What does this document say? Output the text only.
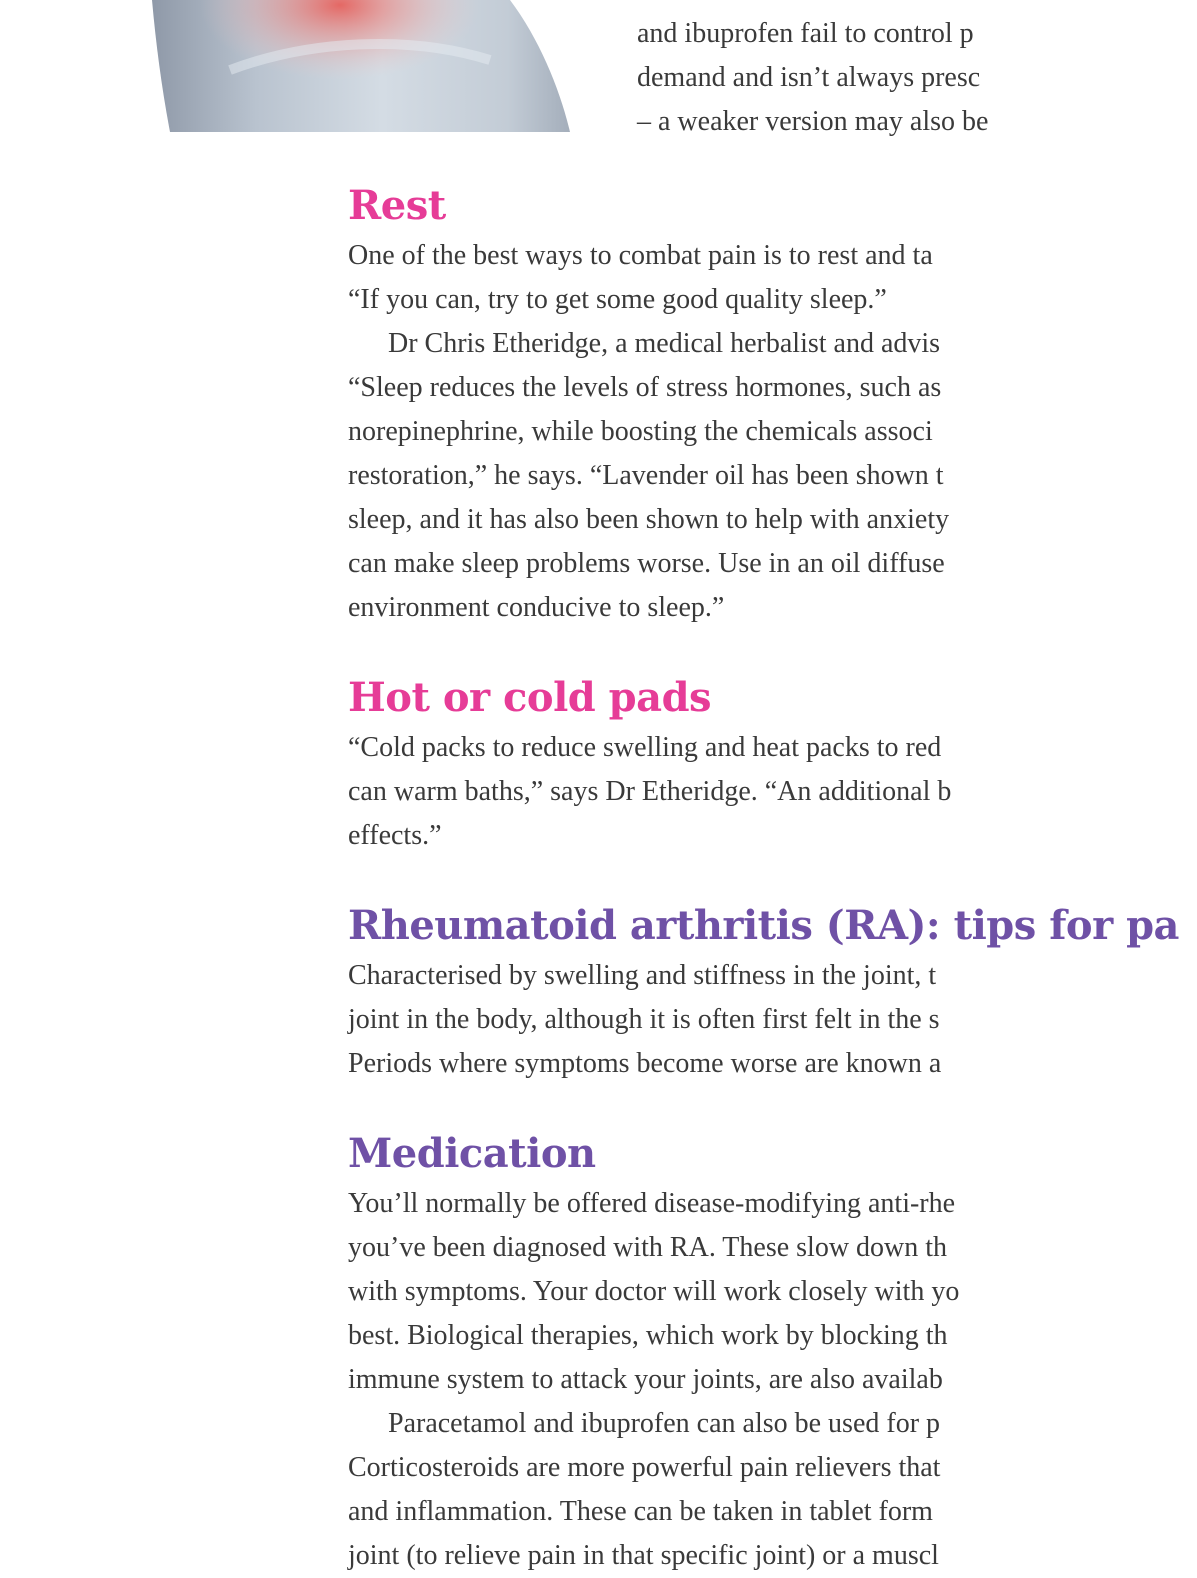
and ibuprofen fail to control p
demand and isn’t always presc
– a weaker version may also be
Rest
One of the best ways to combat pain is to rest and ta
“If you can, try to get some good quality sleep.”
Dr Chris Etheridge, a medical herbalist and advis
“Sleep reduces the levels of stress hormones, such as
norepinephrine, while boosting the chemicals associ
restoration,” he says. “Lavender oil has been shown t
sleep, and it has also been shown to help with anxiety
can make sleep problems worse. Use in an oil diffuse
environment conducive to sleep.”
Hot or cold pads
“Cold packs to reduce swelling and heat packs to red
can warm baths,” says Dr Etheridge. “An additional b
effects.”
Rheumatoid arthritis (RA): tips for pa
Characterised by swelling and stiffness in the joint, t
joint in the body, although it is often first felt in the s
Periods where symptoms become worse are known a
Medication
You’ll normally be offered disease-modifying anti-rhe
you’ve been diagnosed with RA. These slow down th
with symptoms. Your doctor will work closely with yo
best. Biological therapies, which work by blocking th
immune system to attack your joints, are also availab
Paracetamol and ibuprofen can also be used for p
Corticosteroids are more powerful pain relievers that
and inflammation. These can be taken in tablet form
joint (to relieve pain in that specific joint) or a muscl
